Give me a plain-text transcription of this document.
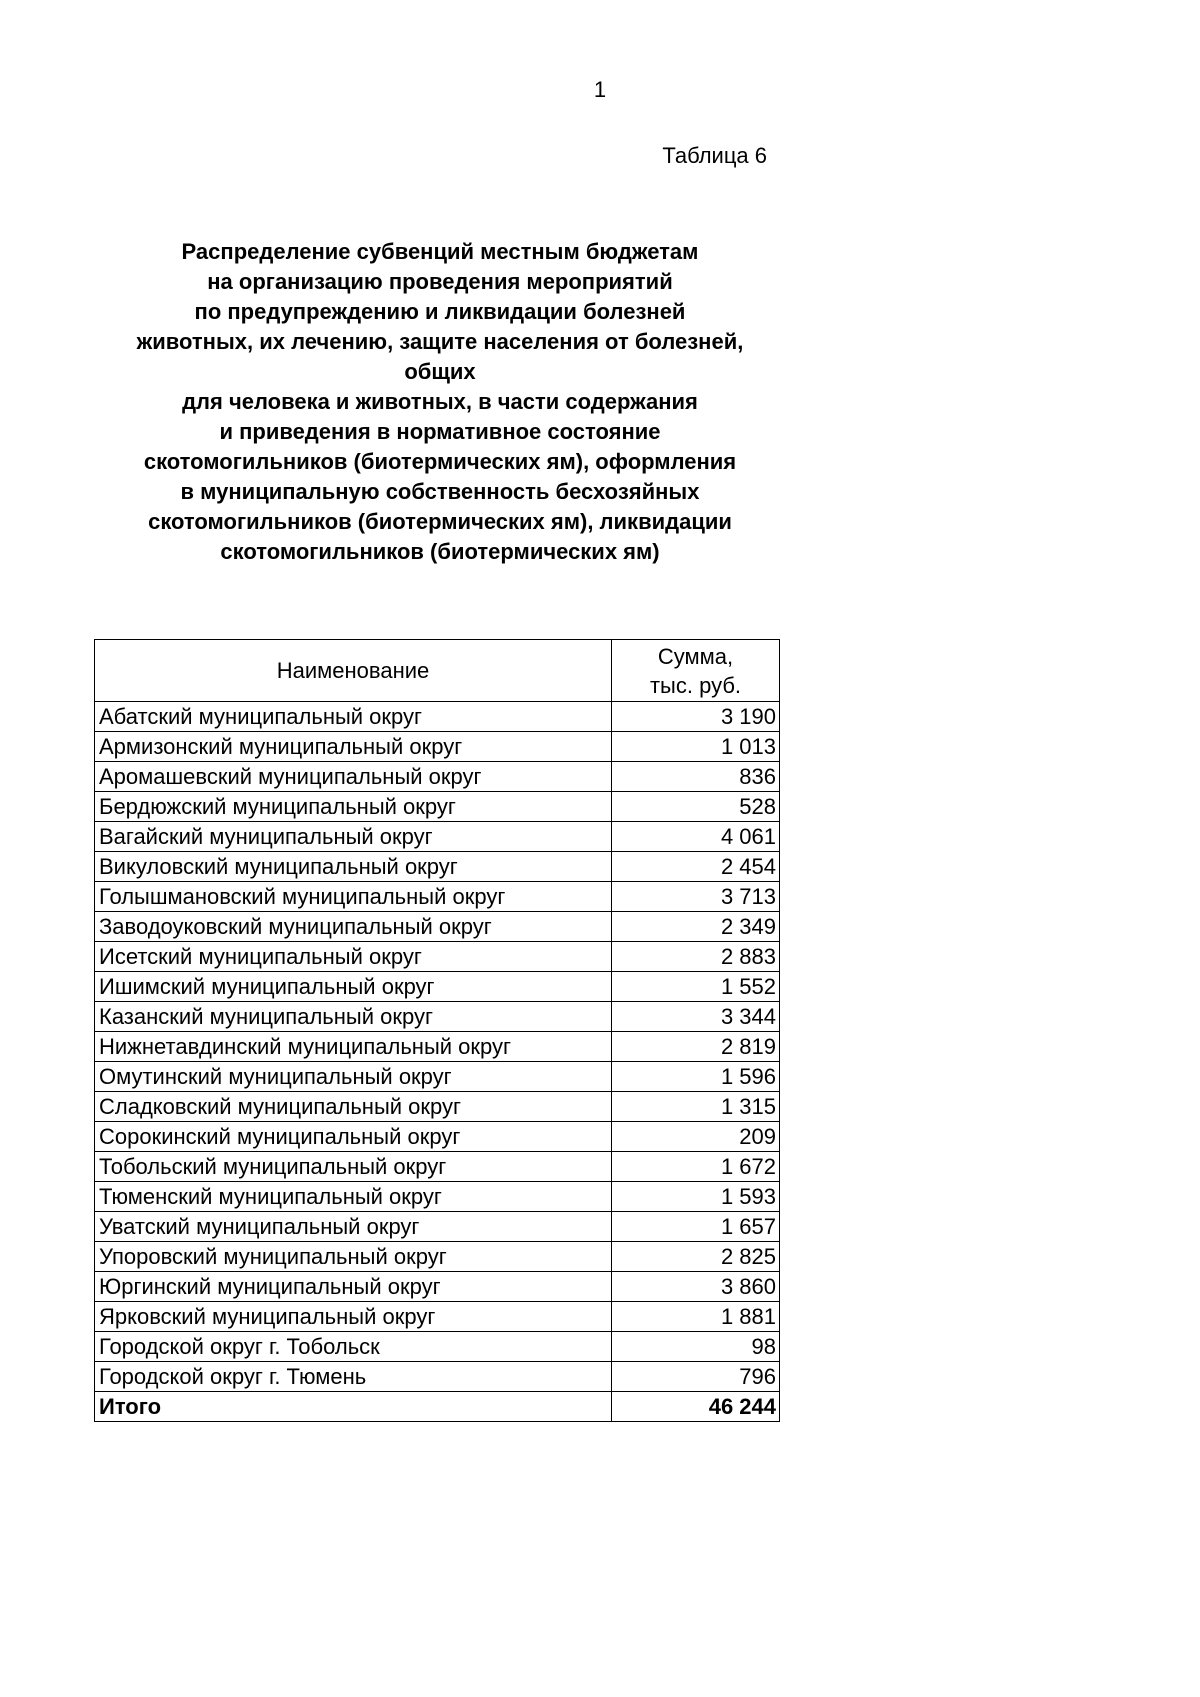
1
Таблица 6
Распределение субвенций местным бюджетам
на организацию проведения мероприятий
по предупреждению и ликвидации болезней
животных, их лечению, защите населения от болезней,
общих
для человека и животных, в части содержания
и приведения в нормативное состояние
скотомогильников (биотермических ям), оформления
в муниципальную собственность бесхозяйных
скотомогильников (биотермических ям), ликвидации
скотомогильников (биотермических ям)
Наименование	Сумма,
тыс. руб.

Абатский муниципальный округ	3 190
Армизонский муниципальный округ	1 013
Аромашевский муниципальный округ	836
Бердюжский муниципальный округ	528
Вагайский муниципальный округ	4 061
Викуловский муниципальный округ	2 454
Голышмановский муниципальный округ	3 713
Заводоуковский муниципальный округ	2 349
Исетский муниципальный округ	2 883
Ишимский муниципальный округ	1 552
Казанский муниципальный округ	3 344
Нижнетавдинский муниципальный округ	2 819
Омутинский муниципальный округ	1 596
Сладковский муниципальный округ	1 315
Сорокинский муниципальный округ	209
Тобольский муниципальный округ	1 672
Тюменский муниципальный округ	1 593
Уватский муниципальный округ	1 657
Упоровский муниципальный округ	2 825
Юргинский муниципальный округ	3 860
Ярковский муниципальный округ	1 881
Городской округ г. Тобольск	98
Городской округ г. Тюмень	796
Итого	46 244
